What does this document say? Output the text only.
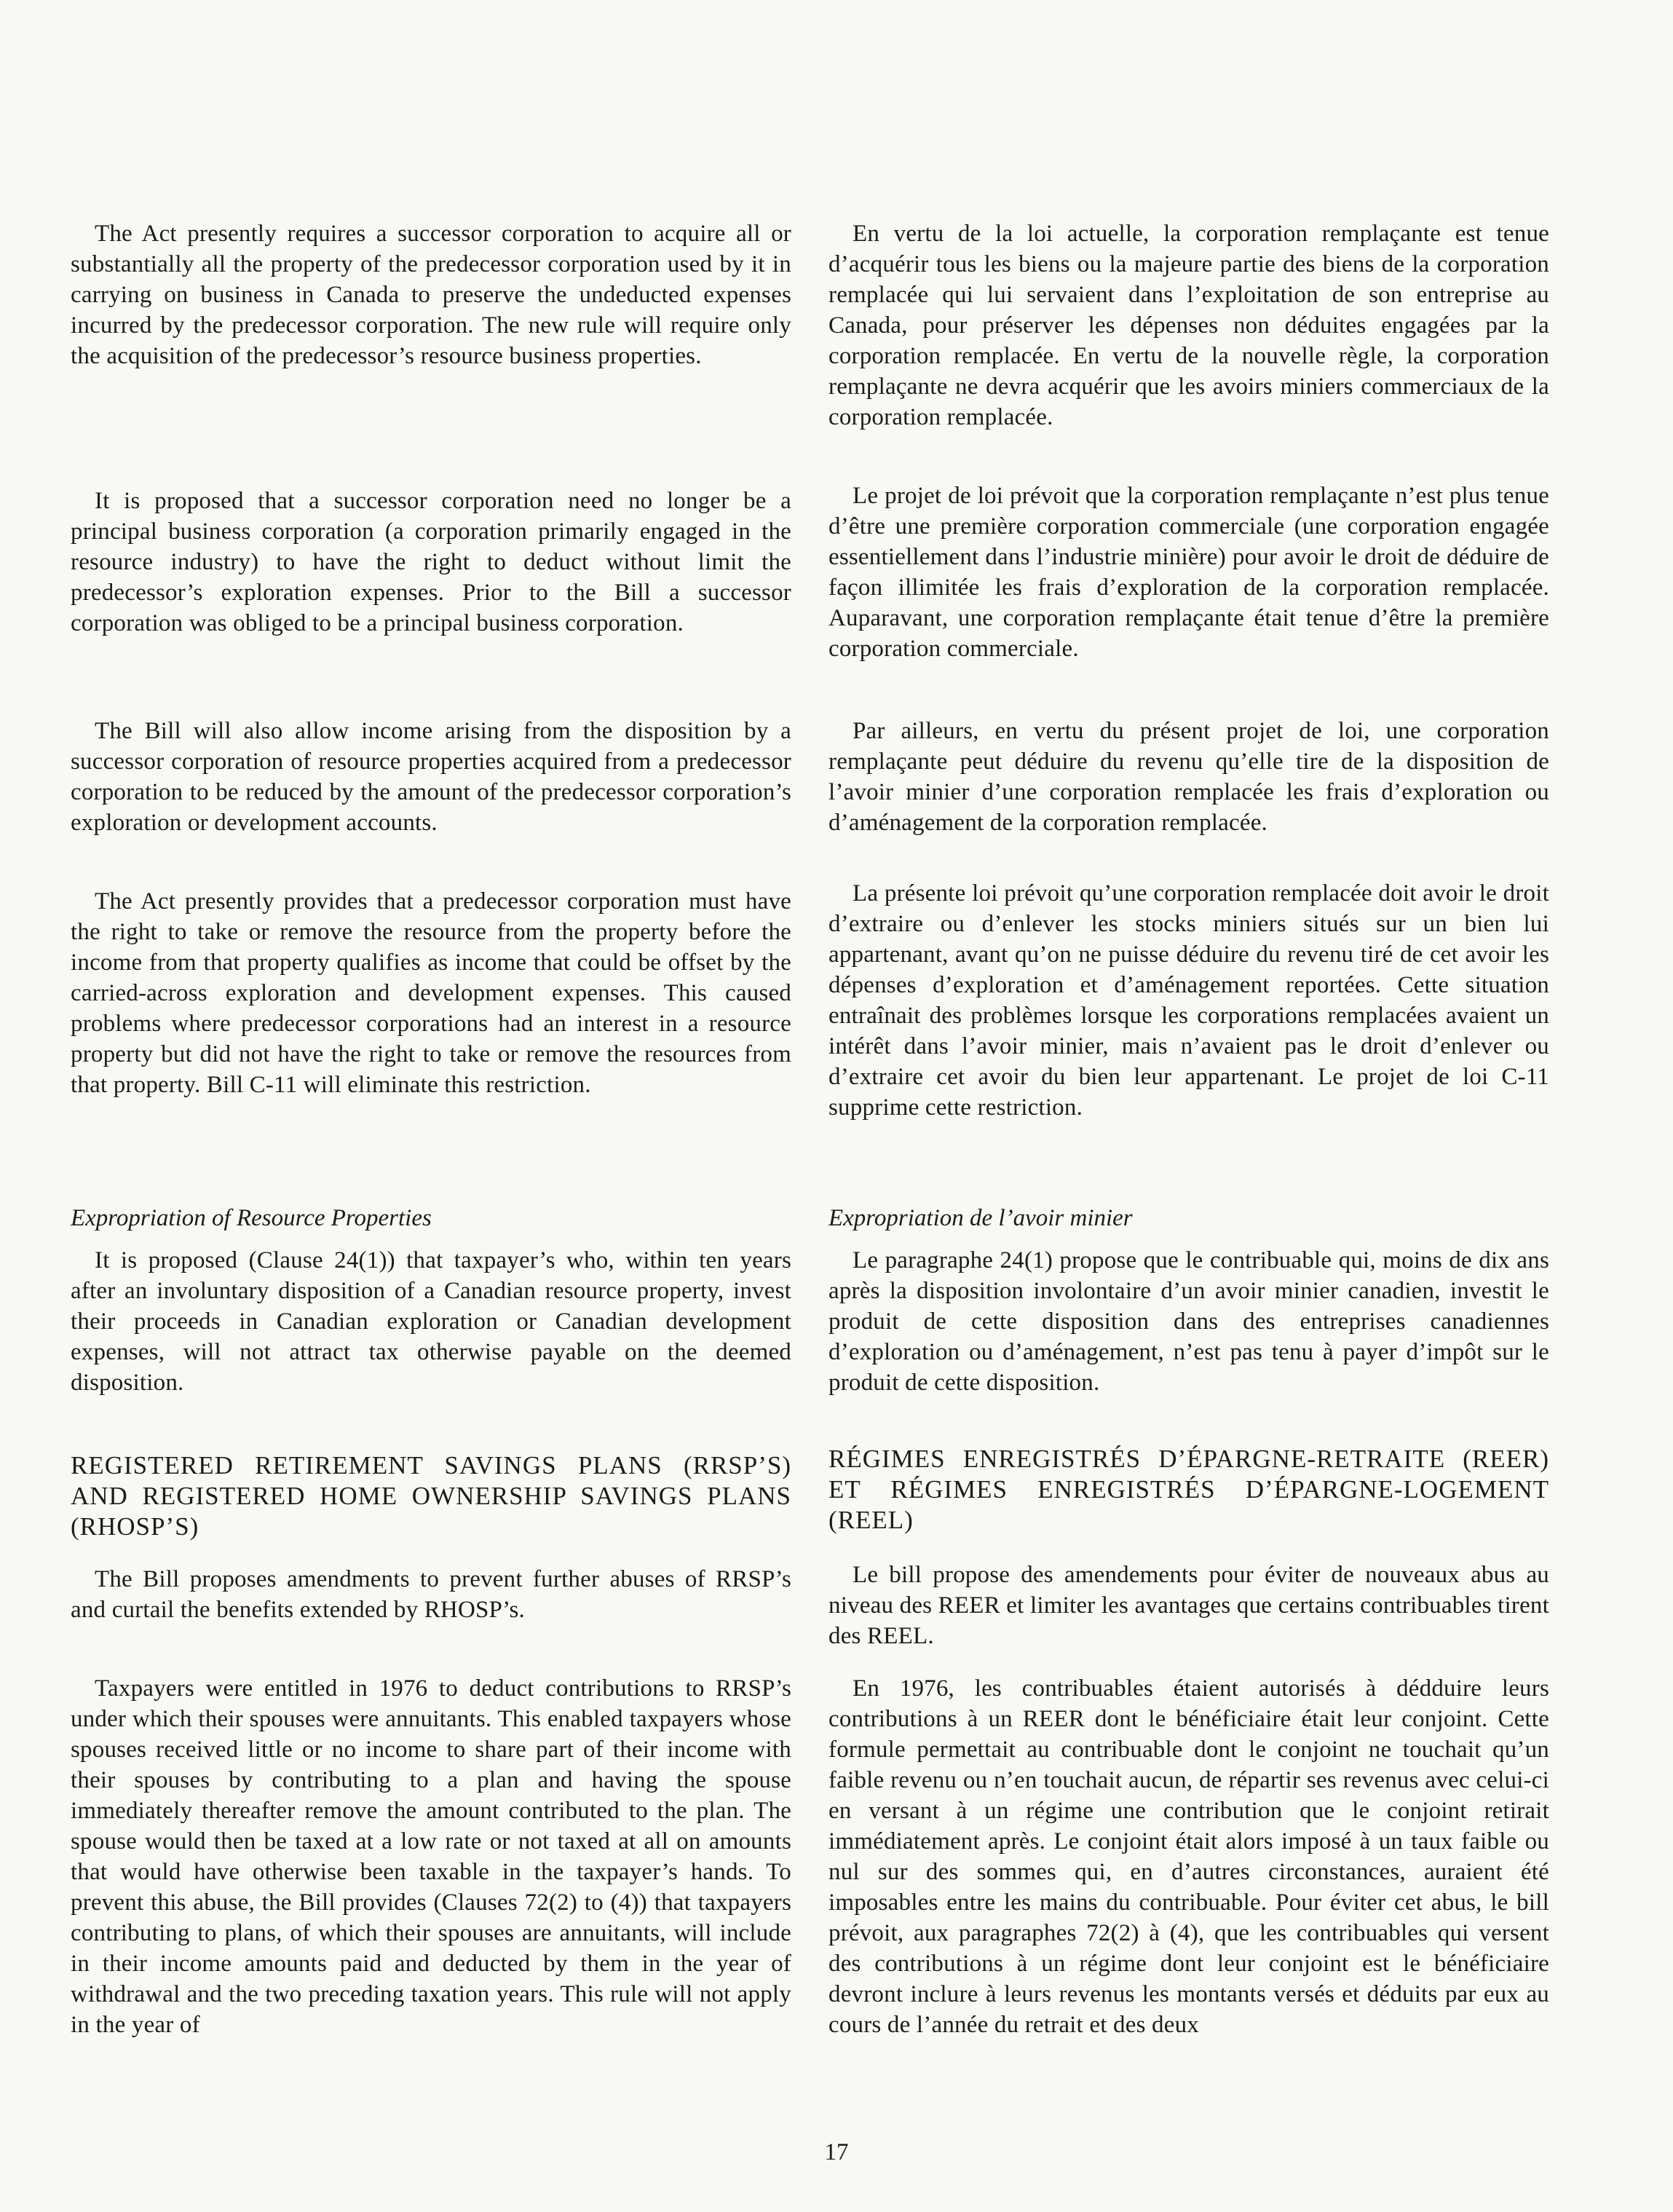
The Act presently requires a successor corporation to acquire all or substantially all the property of the predecessor corporation used by it in carrying on business in Canada to preserve the undeducted expenses incurred by the predecessor corporation. The new rule will require only the acquisition of the predecessor’s resource business properties.

It is proposed that a successor corporation need no longer be a principal business corporation (a corporation primarily engaged in the resource industry) to have the right to deduct without limit the predecessor’s exploration expenses. Prior to the Bill a successor corporation was obliged to be a principal business corporation.

The Bill will also allow income arising from the disposition by a successor corporation of resource properties acquired from a predecessor corporation to be reduced by the amount of the predecessor corporation’s exploration or development accounts.

The Act presently provides that a predecessor corporation must have the right to take or remove the resource from the property before the income from that property qualifies as income that could be offset by the carried-across exploration and development expenses. This caused problems where predecessor corporations had an interest in a resource property but did not have the right to take or remove the resources from that property. Bill C-11 will eliminate this restriction.

Expropriation of Resource Properties

It is proposed (Clause 24(1)) that taxpayer’s who, within ten years after an involuntary disposition of a Canadian resource property, invest their proceeds in Canadian exploration or Canadian development expenses, will not attract tax otherwise payable on the deemed disposition.

REGISTERED RETIREMENT SAVINGS PLANS (RRSP’S) AND REGISTERED HOME OWNERSHIP SAVINGS PLANS (RHOSP’S)

The Bill proposes amendments to prevent further abuses of RRSP’s and curtail the benefits extended by RHOSP’s.

Taxpayers were entitled in 1976 to deduct contributions to RRSP’s under which their spouses were annuitants. This enabled taxpayers whose spouses received little or no income to share part of their income with their spouses by contributing to a plan and having the spouse immediately thereafter remove the amount contributed to the plan. The spouse would then be taxed at a low rate or not taxed at all on amounts that would have otherwise been taxable in the taxpayer’s hands. To prevent this abuse, the Bill provides (Clauses 72(2) to (4)) that taxpayers contributing to plans, of which their spouses are annuitants, will include in their income amounts paid and deducted by them in the year of withdrawal and the two preceding taxation years. This rule will not apply in the year of

En vertu de la loi actuelle, la corporation remplaçante est tenue d’acquérir tous les biens ou la majeure partie des biens de la corporation remplacée qui lui servaient dans l’exploitation de son entreprise au Canada, pour préserver les dépenses non déduites engagées par la corporation remplacée. En vertu de la nouvelle règle, la corporation remplaçante ne devra acquérir que les avoirs miniers commerciaux de la corporation remplacée.

Le projet de loi prévoit que la corporation remplaçante n’est plus tenue d’être une première corporation commerciale (une corporation engagée essentiellement dans l’industrie minière) pour avoir le droit de déduire de façon illimitée les frais d’exploration de la corporation remplacée. Auparavant, une corporation remplaçante était tenue d’être la première corporation commerciale.

Par ailleurs, en vertu du présent projet de loi, une corporation remplaçante peut déduire du revenu qu’elle tire de la disposition de l’avoir minier d’une corporation remplacée les frais d’exploration ou d’aménagement de la corporation remplacée.

La présente loi prévoit qu’une corporation remplacée doit avoir le droit d’extraire ou d’enlever les stocks miniers situés sur un bien lui appartenant, avant qu’on ne puisse déduire du revenu tiré de cet avoir les dépenses d’exploration et d’aménagement reportées. Cette situation entraînait des problèmes lorsque les corporations remplacées avaient un intérêt dans l’avoir minier, mais n’avaient pas le droit d’enlever ou d’extraire cet avoir du bien leur appartenant. Le projet de loi C-11 supprime cette restriction.

Expropriation de l’avoir minier

Le paragraphe 24(1) propose que le contribuable qui, moins de dix ans après la disposition involontaire d’un avoir minier canadien, investit le produit de cette disposition dans des entreprises canadiennes d’exploration ou d’aménagement, n’est pas tenu à payer d’impôt sur le produit de cette disposition.

RÉGIMES ENREGISTRÉS D’ÉPARGNE-RETRAITE (REER) ET RÉGIMES ENREGISTRÉS D’ÉPARGNE-LOGEMENT (REEL)

Le bill propose des amendements pour éviter de nouveaux abus au niveau des REER et limiter les avantages que certains contribuables tirent des REEL.

En 1976, les contribuables étaient autorisés à dédduire leurs contributions à un REER dont le bénéficiaire était leur conjoint. Cette formule permettait au contribuable dont le conjoint ne touchait qu’un faible revenu ou n’en touchait aucun, de répartir ses revenus avec celui-ci en versant à un régime une contribution que le conjoint retirait immédiatement après. Le conjoint était alors imposé à un taux faible ou nul sur des sommes qui, en d’autres circonstances, auraient été imposables entre les mains du contribuable. Pour éviter cet abus, le bill prévoit, aux paragraphes 72(2) à (4), que les contribuables qui versent des contributions à un régime dont leur conjoint est le bénéficiaire devront inclure à leurs revenus les montants versés et déduits par eux au cours de l’année du retrait et des deux

17
